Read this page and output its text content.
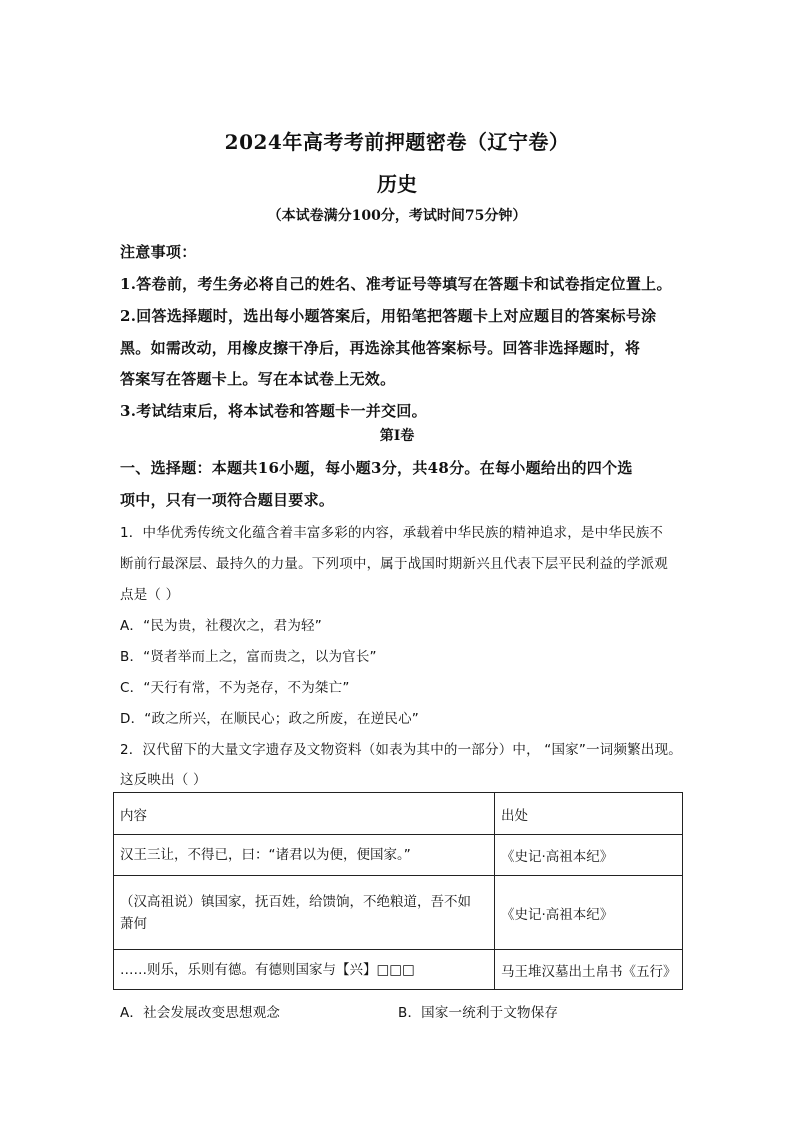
2024年高考考前押题密卷（辽宁卷）
历史
（本试卷满分100分，考试时间75分钟）
注意事项：
1.答卷前，考生务必将自己的姓名、准考证号等填写在答题卡和试卷指定位置上。
2.回答选择题时，选出每小题答案后，用铅笔把答题卡上对应题目的答案标号涂
黑。如需改动，用橡皮擦干净后，再选涂其他答案标号。回答非选择题时，将
答案写在答题卡上。写在本试卷上无效。
3.考试结束后，将本试卷和答题卡一并交回。
第Ⅰ卷
一、选择题：本题共16小题，每小题3分，共48分。在每小题给出的四个选
项中，只有一项符合题目要求。
1．中华优秀传统文化蕴含着丰富多彩的内容，承载着中华民族的精神追求，是中华民族不
断前行最深层、最持久的力量。下列项中，属于战国时期新兴且代表下层平民利益的学派观
点是（ ）
A．“民为贵，社稷次之，君为轻”
B．“贤者举而上之，富而贵之，以为官长”
C．“天行有常，不为尧存，不为桀亡”
D．“政之所兴，在顺民心；政之所废，在逆民心”
2．汉代留下的大量文字遗存及文物资料（如表为其中的一部分）中， “国家”一词频繁出现。
这反映出（ ）
内容	出处

汉王三让，不得已，曰：“诸君以为便，便国家。”	《史记·高祖本纪》

（汉高祖说）镇国家，抚百姓，给馈饷，不绝粮道，吾不如
萧何	《史记·高祖本纪》

……则乐，乐则有德。有德则国家与【兴】□□□	马王堆汉墓出土帛书《五行》
A．社会发展改变思想观念	B．国家一统利于文物保存
